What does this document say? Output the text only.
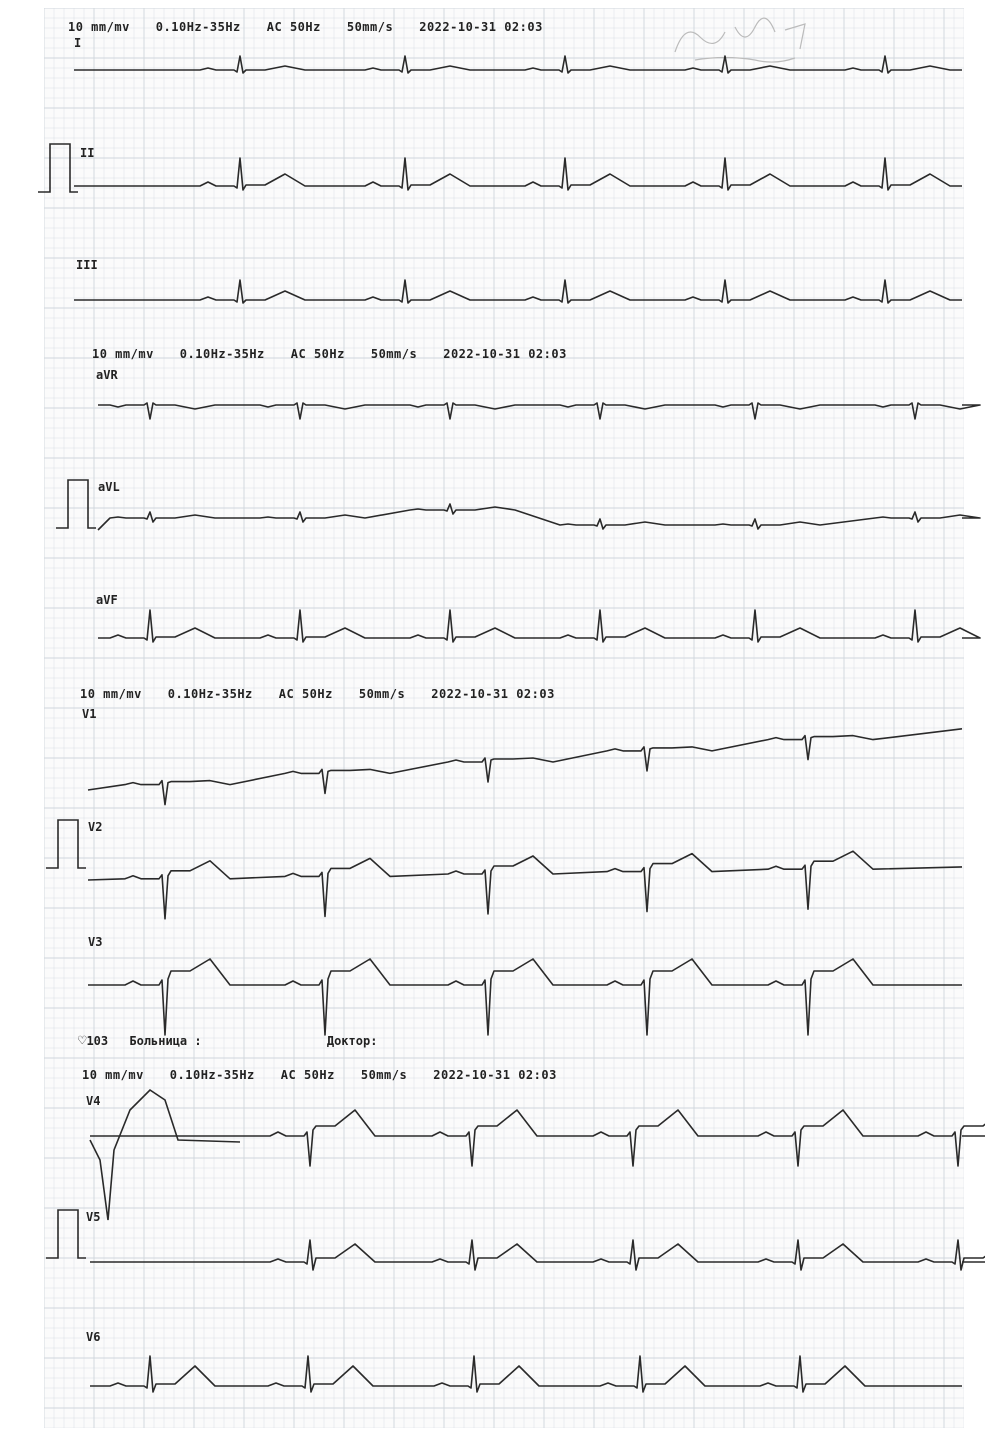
10 mm/mv 0.10Hz-35Hz AC 50Hz 50mm/s 2022-10-31 02:03
I
II
III
10 mm/mv 0.10Hz-35Hz AC 50Hz 50mm/s 2022-10-31 02:03
aVR
aVL
aVF
10 mm/mv 0.10Hz-35Hz AC 50Hz 50mm/s 2022-10-31 02:03
V1
V2
V3
♡103 Больница :	Доктор:
10 mm/mv 0.10Hz-35Hz AC 50Hz 50mm/s 2022-10-31 02:03
V4
V5
V6
